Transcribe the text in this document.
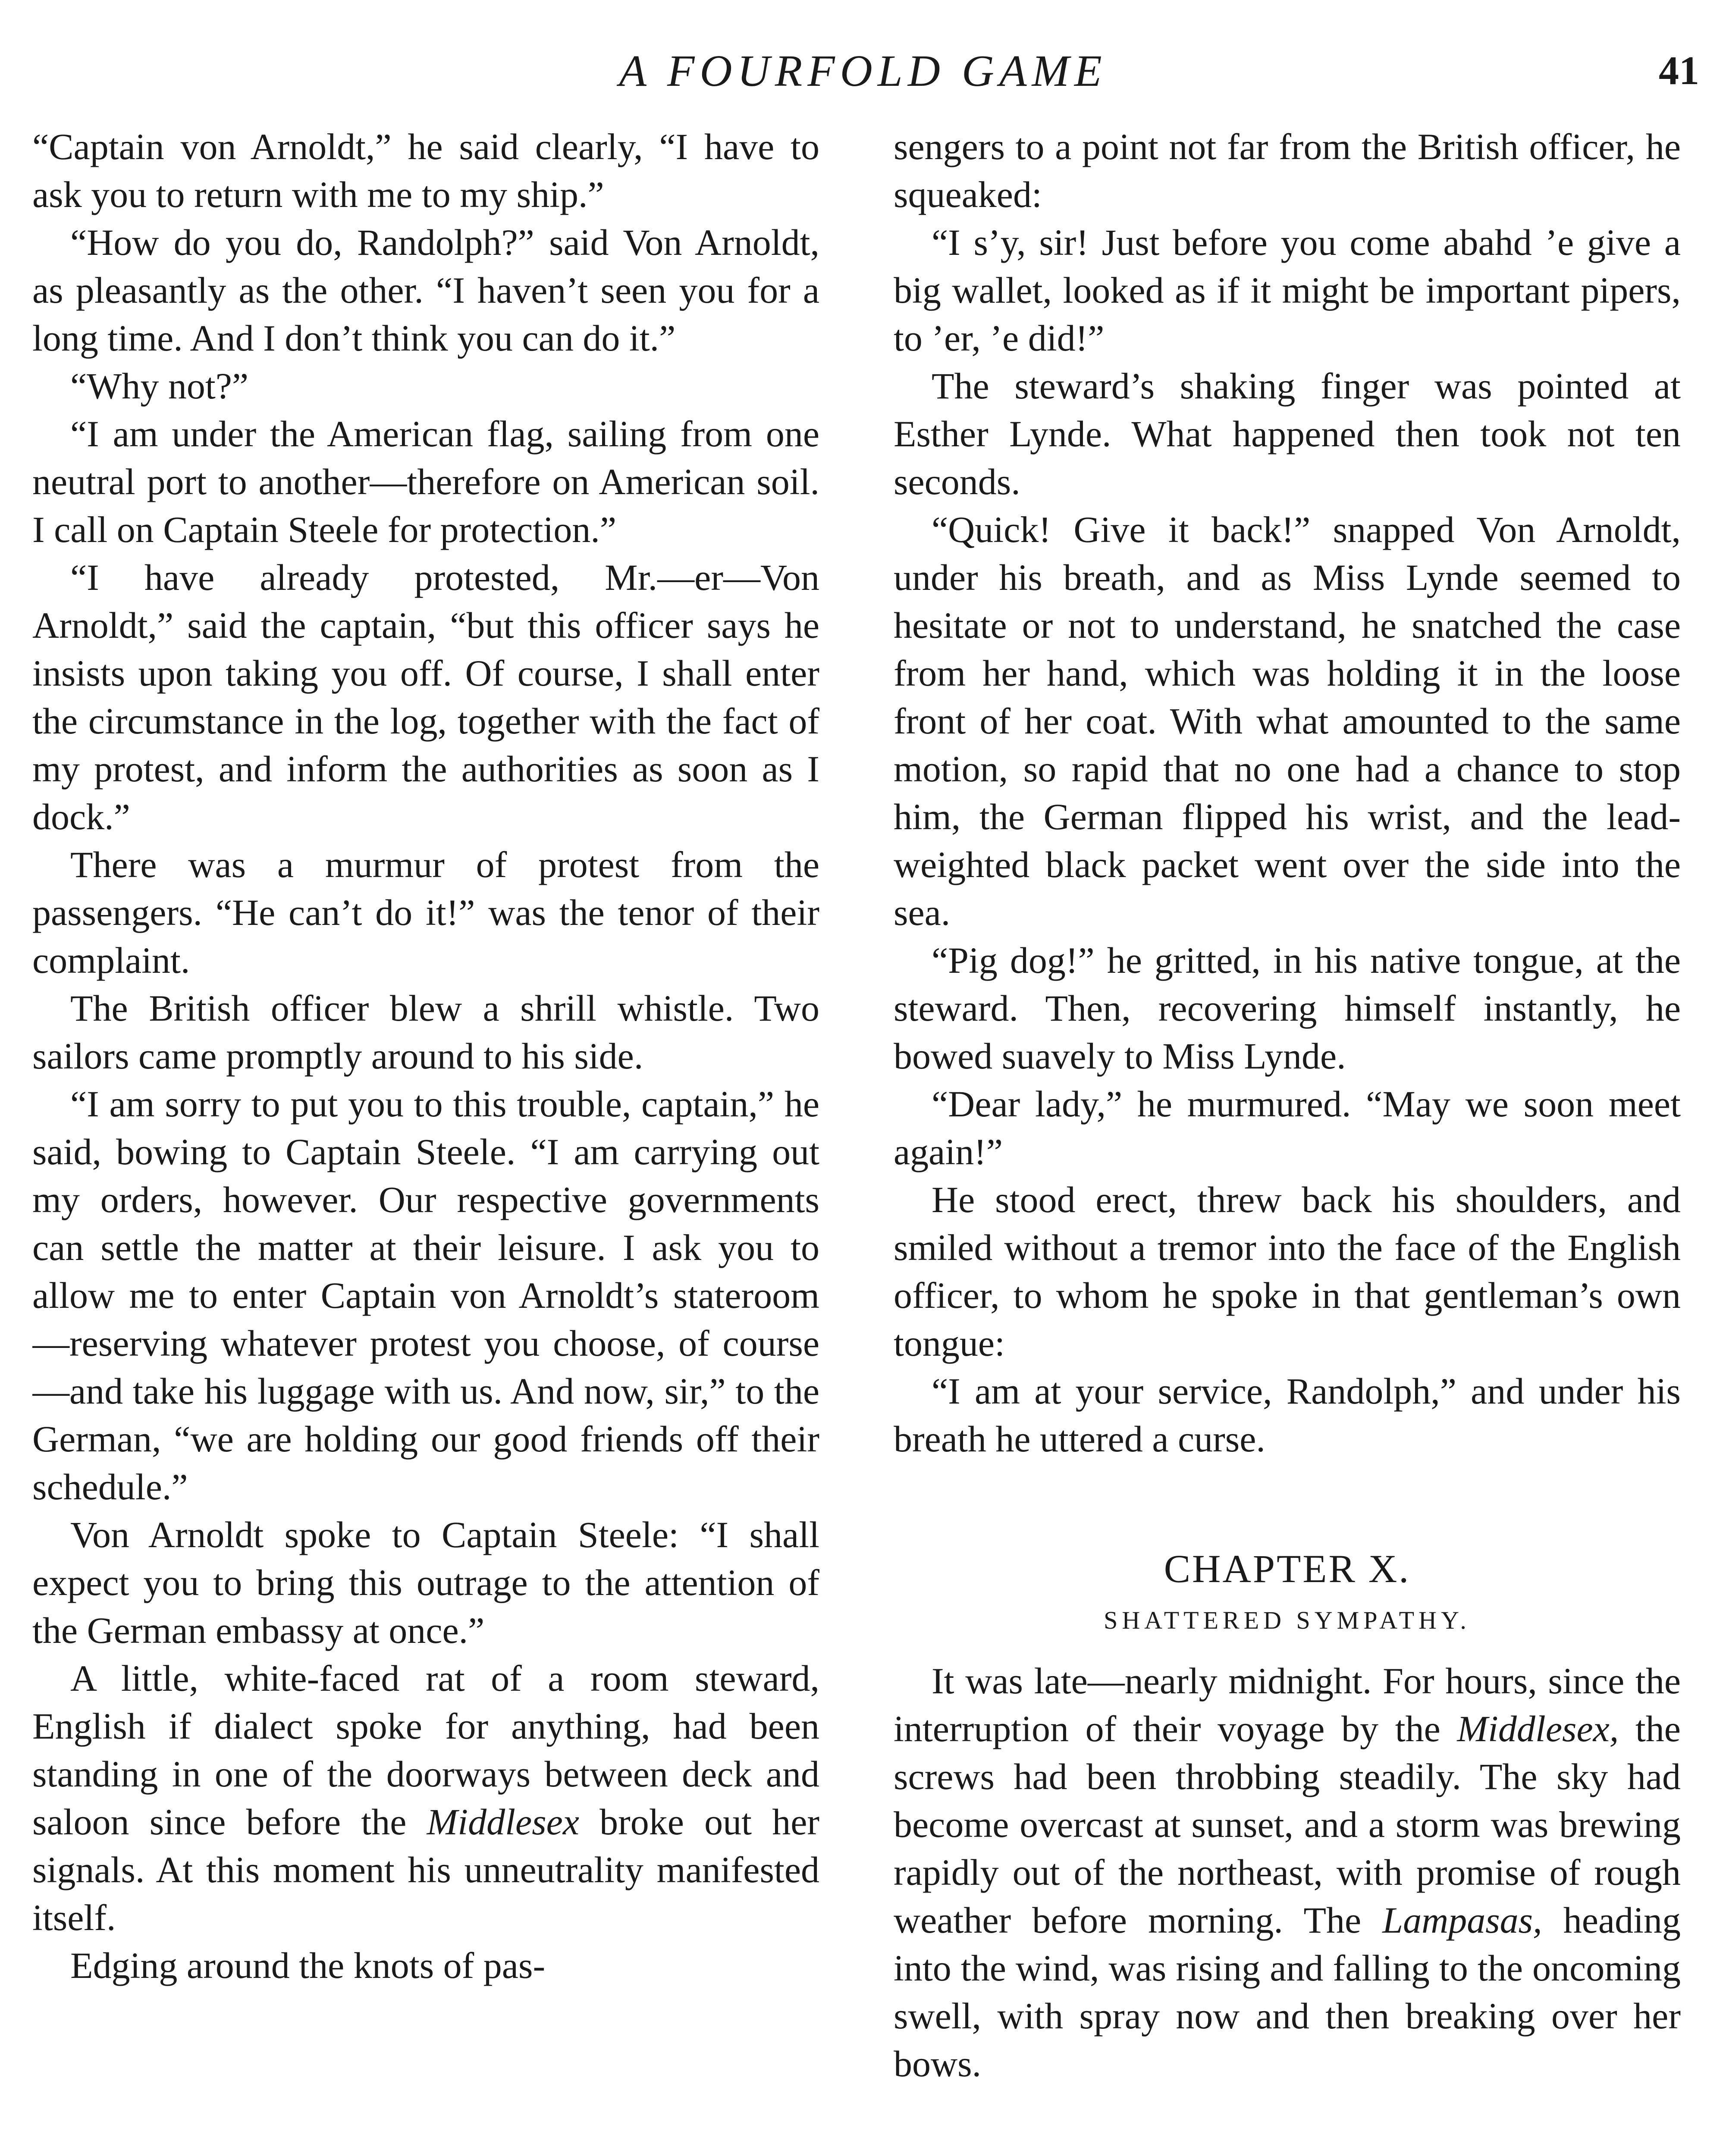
A FOURFOLD GAME	41

“Captain von Arnoldt,” he said clearly, “I have to ask you to return with me to my ship.”

“How do you do, Randolph?” said Von Arnoldt, as pleasantly as the other. “I haven’t seen you for a long time. And I don’t think you can do it.”

“Why not?”

“I am under the American flag, sailing from one neutral port to another—therefore on American soil. I call on Captain Steele for protection.”

“I have already protested, Mr.—er—Von Arnoldt,” said the captain, “but this officer says he insists upon taking you off. Of course, I shall enter the circumstance in the log, together with the fact of my protest, and inform the authorities as soon as I dock.”

There was a murmur of protest from the passengers. “He can’t do it!” was the tenor of their complaint.

The British officer blew a shrill whistle. Two sailors came promptly around to his side.

“I am sorry to put you to this trouble, captain,” he said, bowing to Captain Steele. “I am carrying out my orders, however. Our respective governments can settle the matter at their leisure. I ask you to allow me to enter Captain von Arnoldt’s stateroom—reserving whatever protest you choose, of course—and take his luggage with us. And now, sir,” to the German, “we are holding our good friends off their schedule.”

Von Arnoldt spoke to Captain Steele: “I shall expect you to bring this outrage to the attention of the German embassy at once.”

A little, white-faced rat of a room steward, English if dialect spoke for anything, had been standing in one of the doorways between deck and saloon since before the Middlesex broke out her signals. At this moment his unneutrality manifested itself.

Edging around the knots of pas-

sengers to a point not far from the British officer, he squeaked:

“I s’y, sir! Just before you come abahd ’e give a big wallet, looked as if it might be important pipers, to ’er, ’e did!”

The steward’s shaking finger was pointed at Esther Lynde. What happened then took not ten seconds.

“Quick! Give it back!” snapped Von Arnoldt, under his breath, and as Miss Lynde seemed to hesitate or not to understand, he snatched the case from her hand, which was holding it in the loose front of her coat. With what amounted to the same motion, so rapid that no one had a chance to stop him, the German flipped his wrist, and the lead-weighted black packet went over the side into the sea.

“Pig dog!” he gritted, in his native tongue, at the steward. Then, recovering himself instantly, he bowed suavely to Miss Lynde.

“Dear lady,” he murmured. “May we soon meet again!”

He stood erect, threw back his shoulders, and smiled without a tremor into the face of the English officer, to whom he spoke in that gentleman’s own tongue:

“I am at your service, Randolph,” and under his breath he uttered a curse.

CHAPTER X.
SHATTERED SYMPATHY.

It was late—nearly midnight. For hours, since the interruption of their voyage by the Middlesex, the screws had been throbbing steadily. The sky had become overcast at sunset, and a storm was brewing rapidly out of the northeast, with promise of rough weather before morning. The Lampasas, heading into the wind, was rising and falling to the oncoming swell, with spray now and then breaking over her bows.
